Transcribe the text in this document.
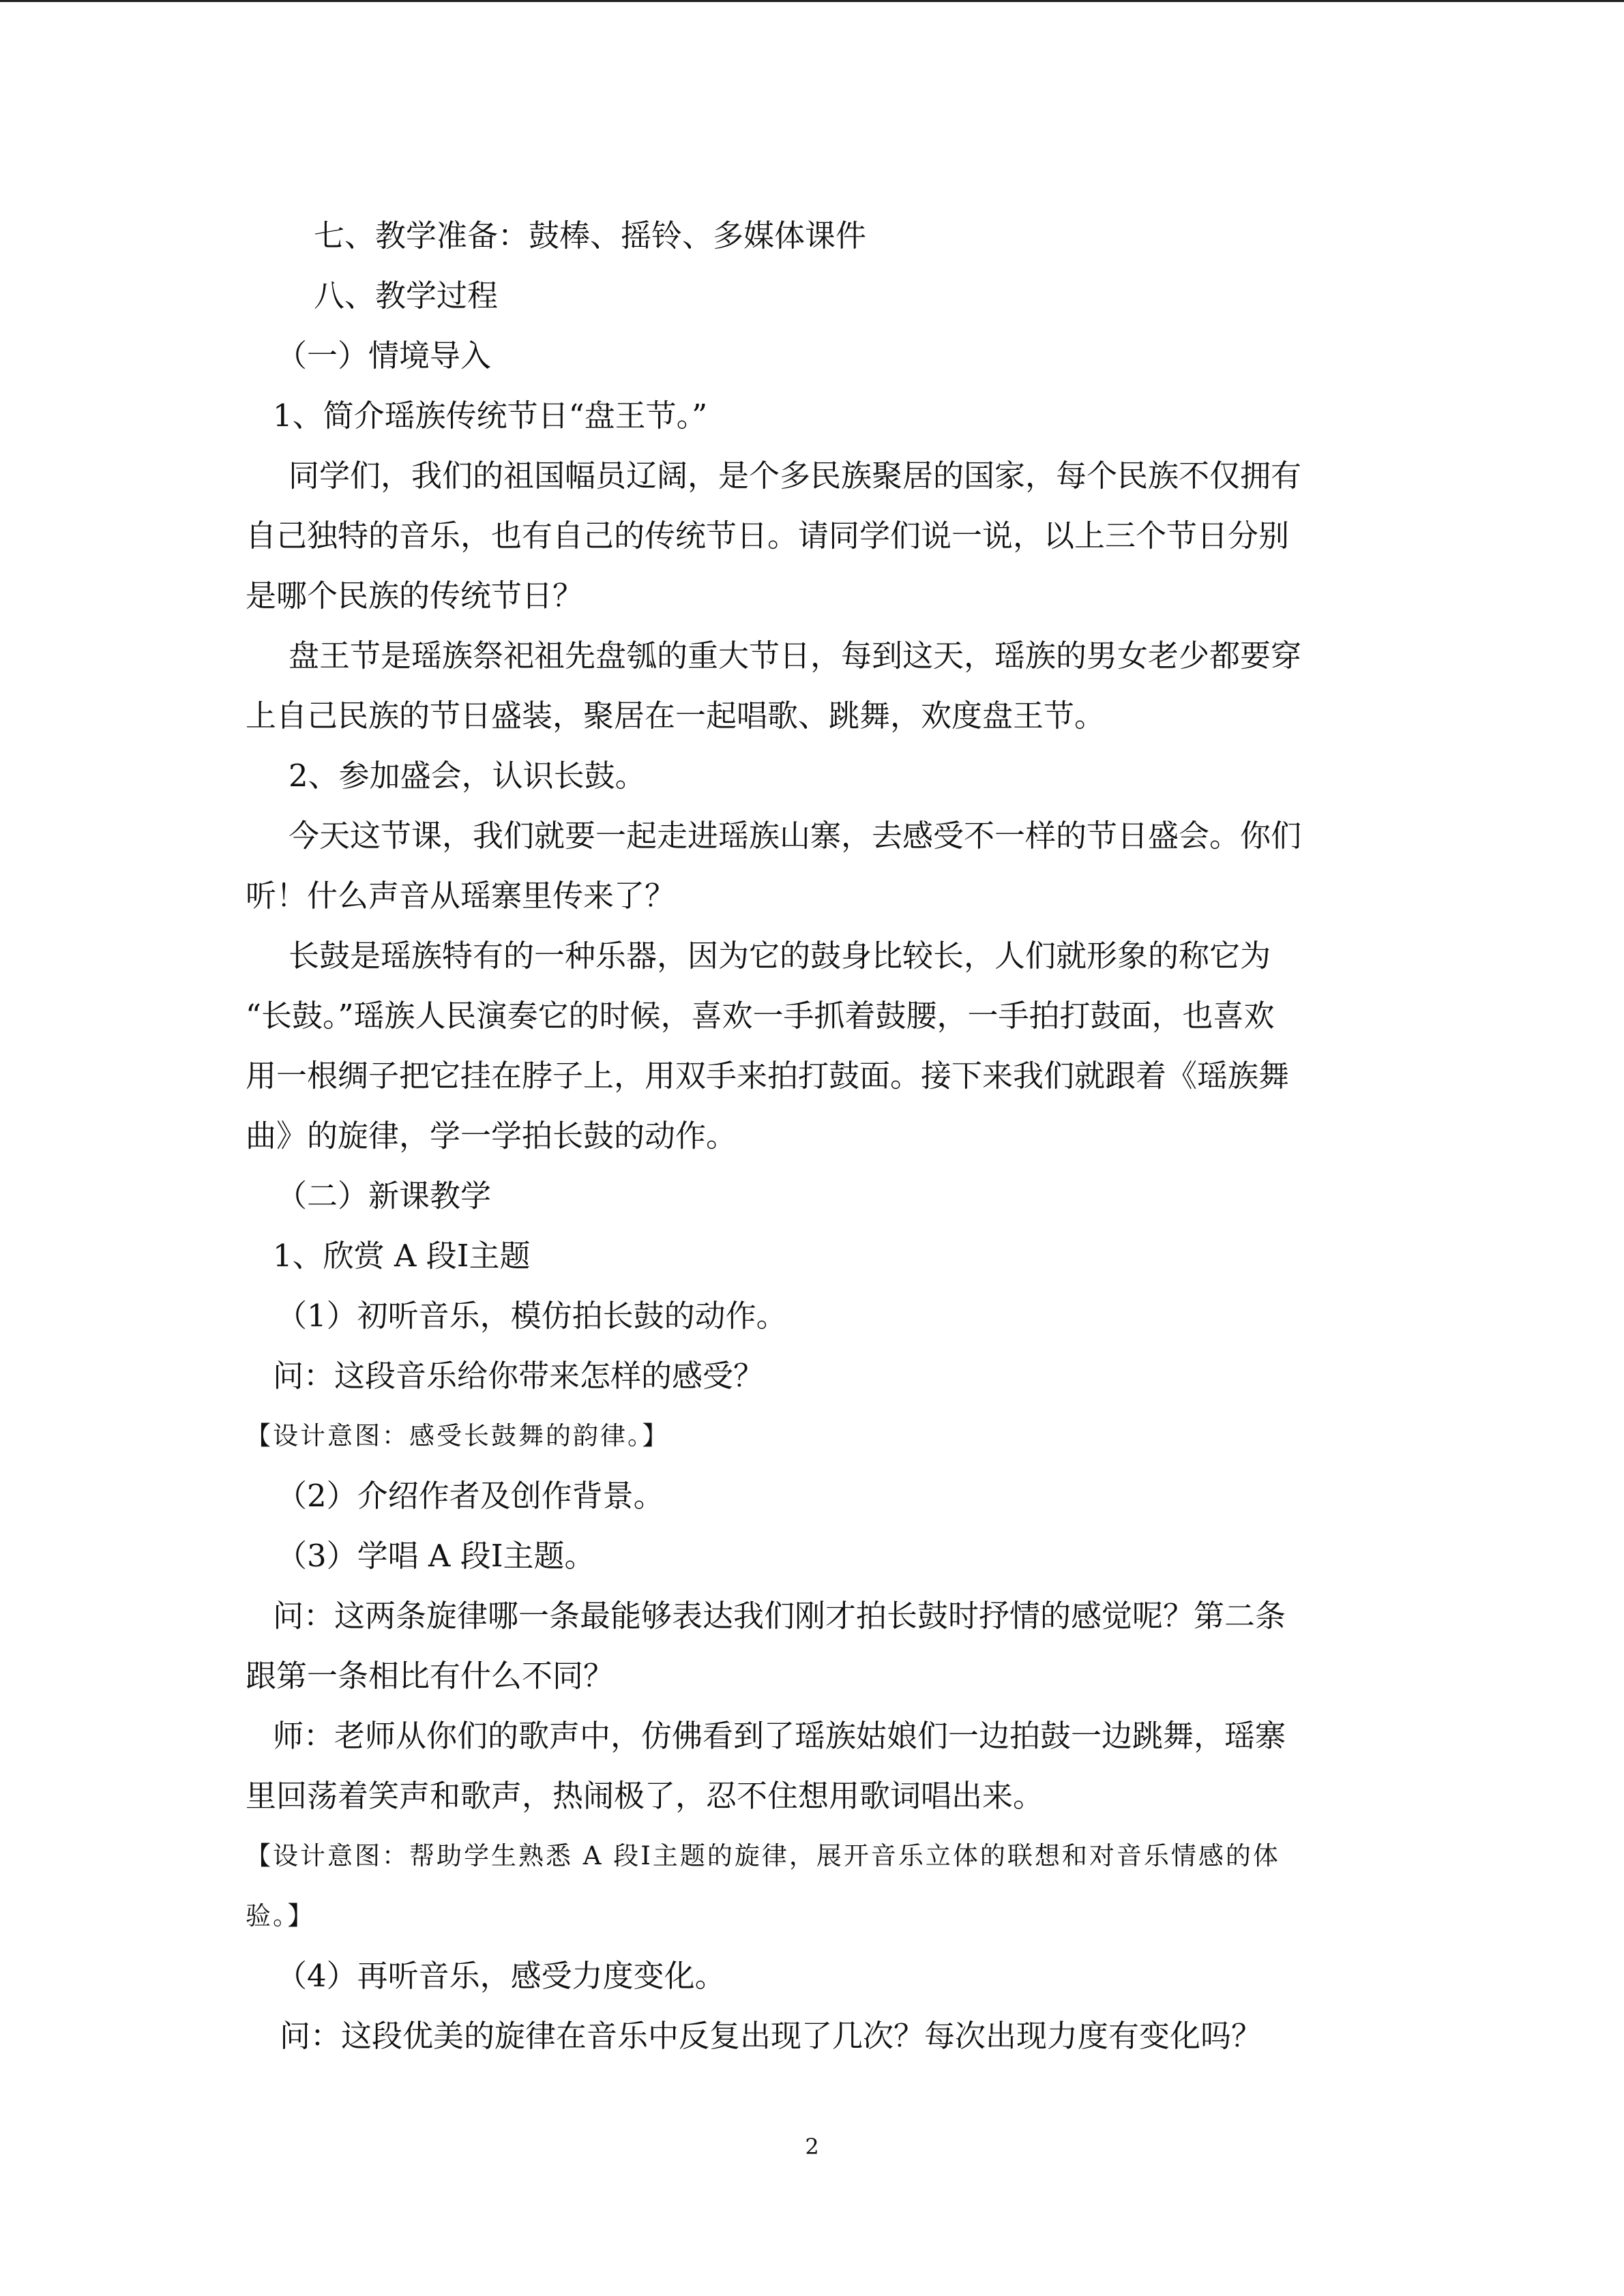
七、教学准备：鼓棒、摇铃、多媒体课件
八、教学过程
（一）情境导入
1、简介瑶族传统节日“盘王节。”
同学们，我们的祖国幅员辽阔，是个多民族聚居的国家，每个民族不仅拥有
自己独特的音乐，也有自己的传统节日。请同学们说一说，以上三个节日分别
是哪个民族的传统节日？
盘王节是瑶族祭祀祖先盘瓠的重大节日，每到这天，瑶族的男女老少都要穿
上自己民族的节日盛装，聚居在一起唱歌、跳舞，欢度盘王节。
2、参加盛会，认识长鼓。
今天这节课，我们就要一起走进瑶族山寨，去感受不一样的节日盛会。你们
听！什么声音从瑶寨里传来了？
长鼓是瑶族特有的一种乐器，因为它的鼓身比较长，人们就形象的称它为
“长鼓。”瑶族人民演奏它的时候，喜欢一手抓着鼓腰，一手拍打鼓面，也喜欢
用一根绸子把它挂在脖子上，用双手来拍打鼓面。接下来我们就跟着《瑶族舞
曲》的旋律，学一学拍长鼓的动作。
（二）新课教学
1、欣赏 A 段Ⅰ主题
（1）初听音乐，模仿拍长鼓的动作。
问：这段音乐给你带来怎样的感受？
【设计意图：感受长鼓舞的韵律。】
（2）介绍作者及创作背景。
（3）学唱 A 段Ⅰ主题。
问：这两条旋律哪一条最能够表达我们刚才拍长鼓时抒情的感觉呢？第二条
跟第一条相比有什么不同？
师：老师从你们的歌声中，仿佛看到了瑶族姑娘们一边拍鼓一边跳舞，瑶寨
里回荡着笑声和歌声，热闹极了，忍不住想用歌词唱出来。
【设计意图：帮助学生熟悉 A 段Ⅰ主题的旋律，展开音乐立体的联想和对音乐情感的体
验。】
（4）再听音乐，感受力度变化。
问：这段优美的旋律在音乐中反复出现了几次？每次出现力度有变化吗？
2
